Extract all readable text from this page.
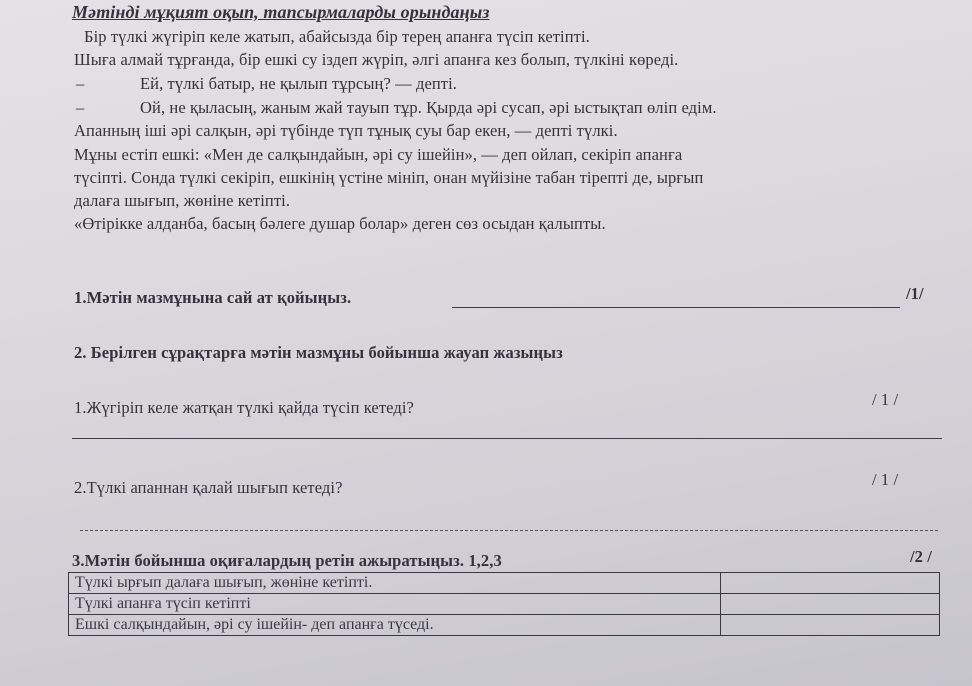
Мәтінді мұқият оқып, тапсырмаларды орындаңыз
Бір түлкі жүгіріп келе жатып, абайсызда бір терең апанға түсіп кетіпті.
Шыға алмай тұрғанда, бір ешкі су іздеп жүріп, әлгі апанға кез болып, түлкіні көреді.
–	Ей, түлкі батыр, не қылып тұрсың? — депті.
–	Ой, не қыласың, жаным жай тауып тұр. Қырда әрі сусап, әрі ыстықтап өліп едім.
Апанның іші әрі салқын, әрі түбінде түп тұнық суы бар екен, — депті түлкі.
Мұны естіп ешкі: «Мен де салқындайын, әрі су ішейін», — деп ойлап, секіріп апанға
түсіпті. Сонда түлкі секіріп, ешкінің үстіне мініп, онан мүйізіне табан тірепті де, ырғып
далаға шығып, жөніне кетіпті.
«Өтірікке алданба, басың бәлеге душар болар» деген сөз осыдан қалыпты.
1.Мәтін мазмұнына сай ат қойыңыз.	/1/
2. Берілген сұрақтарға мәтін мазмұны бойынша жауап жазыңыз
1.Жүгіріп келе жатқан түлкі қайда түсіп кетеді?	/ 1 /
2.Түлкі апаннан қалай шығып кетеді?	/ 1 /
3.Мәтін бойынша оқиғалардың ретін ажыратыңыз. 1,2,3	/2 /
Түлкі ырғып далаға шығып, жөніне кетіпті.	
Түлкі апанға түсіп кетіпті	
Ешкі салқындайын, әрі су ішейін- деп апанға түседі.	
